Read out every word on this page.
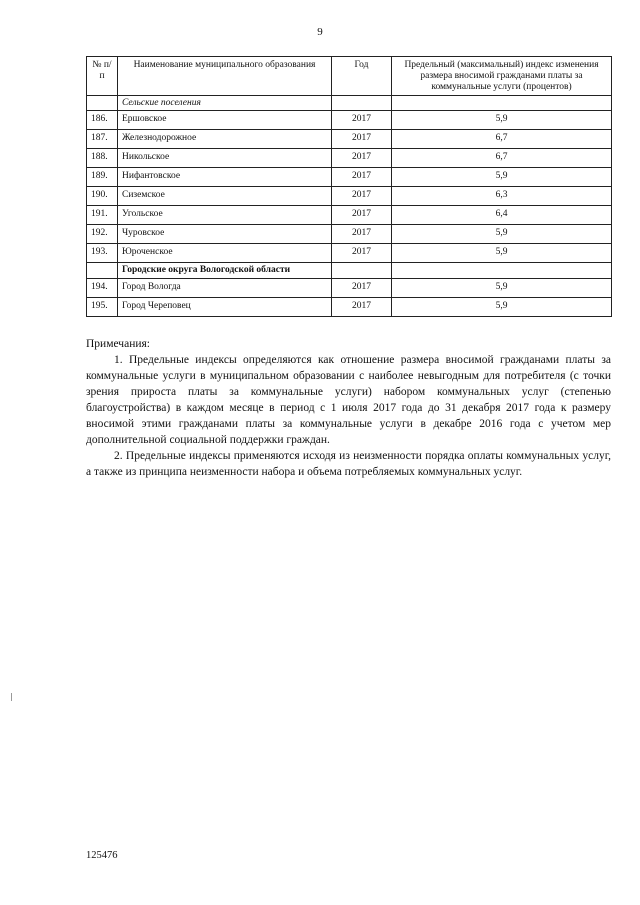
9
№ п/п	Наименование муниципального образования	Год	Предельный (максимальный) индекс изменения размера вносимой гражданами платы за коммунальные услуги (процентов)
	Сельские поселения		
186.	Ершовское	2017	5,9
187.	Железнодорожное	2017	6,7
188.	Никольское	2017	6,7
189.	Нифантовское	2017	5,9
190.	Сиземское	2017	6,3
191.	Угольское	2017	6,4
192.	Чуровское	2017	5,9
193.	Юроченское	2017	5,9
	Городские округа Вологодской области		
194.	Город Вологда	2017	5,9
195.	Город Череповец	2017	5,9

Примечания:

1. Предельные индексы определяются как отношение размера вносимой гражданами платы за коммунальные услуги в муниципальном образовании с наиболее невыгодным для потребителя (с точки зрения прироста платы за коммунальные услуги) набором коммунальных услуг (степенью благоустройства) в каждом месяце в период с 1 июля 2017 года до 31 декабря 2017 года к размеру вносимой этими гражданами платы за коммунальные услуги в декабре 2016 года с учетом мер дополнительной социальной поддержки граждан.

2. Предельные индексы применяются исходя из неизменности порядка оплаты коммунальных услуг, а также из принципа неизменности набора и объема потребляемых коммунальных услуг.

125476
